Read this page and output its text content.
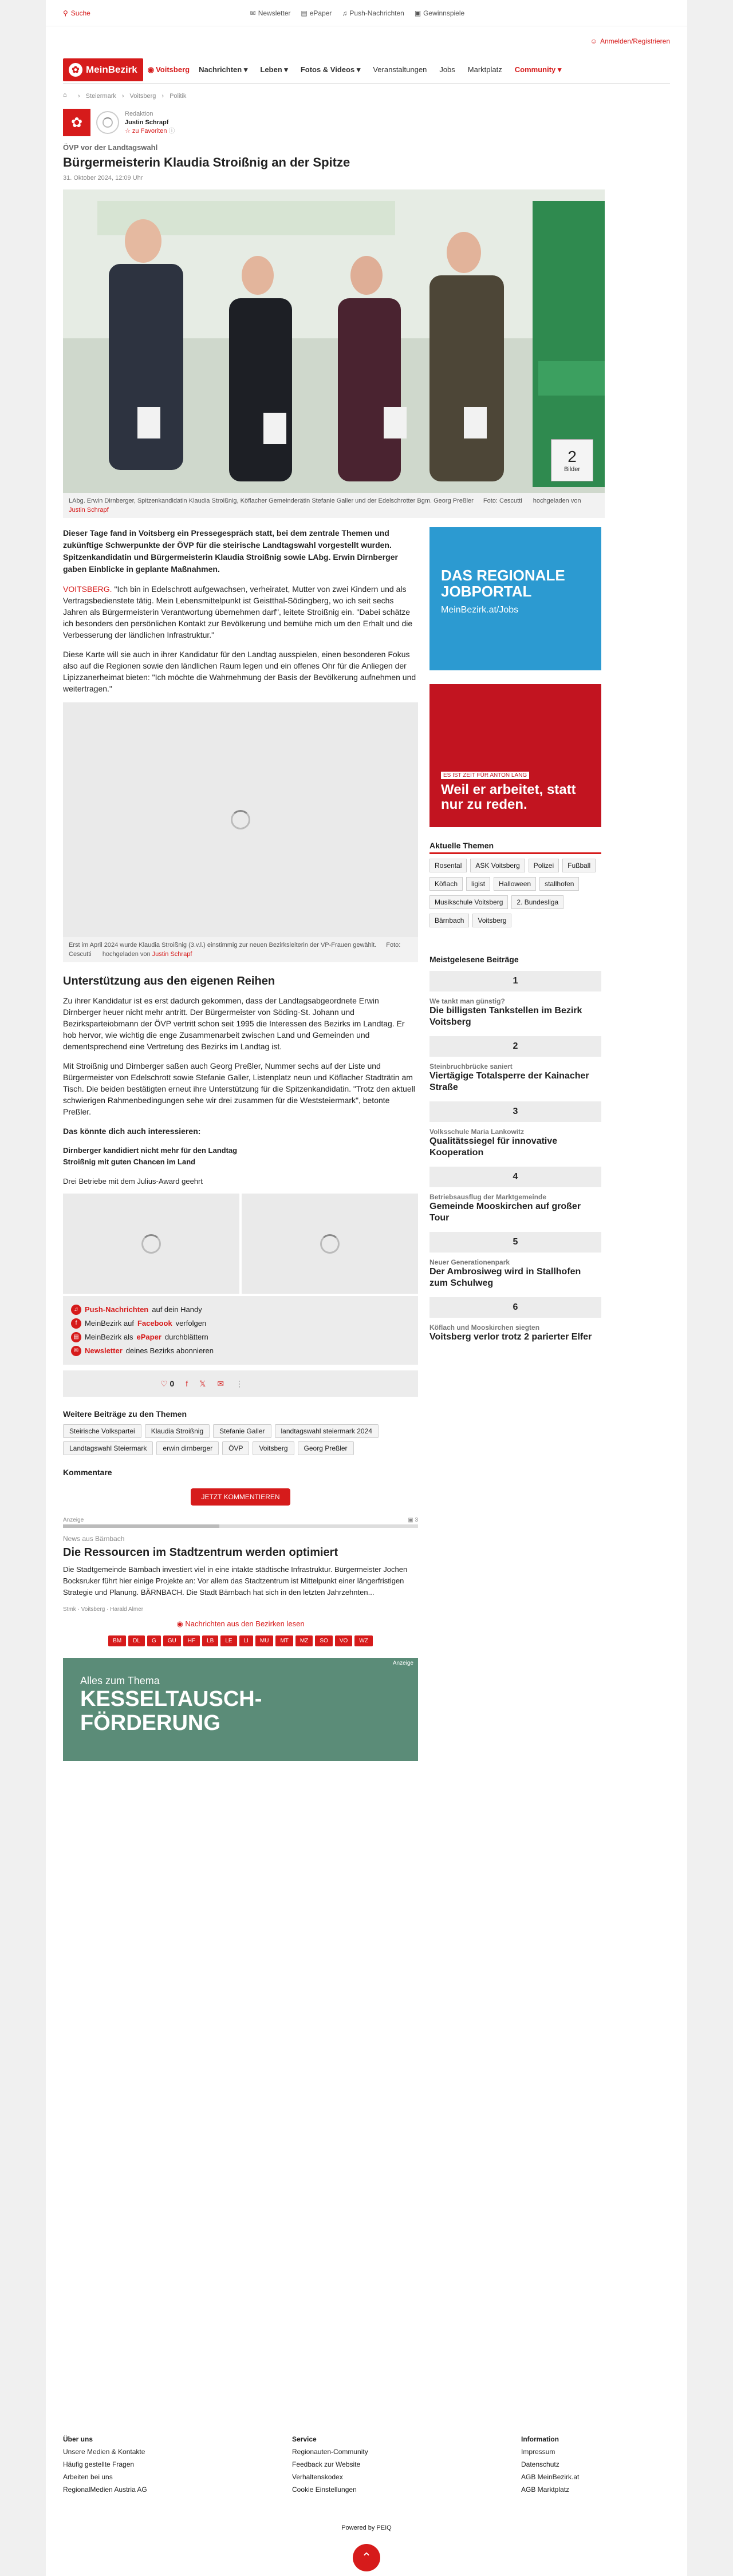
⚲ Suche	✉ Newsletter ▤ ePaper ♫ Push-Nachrichten ▣ Gewinnspiele
☺ Anmelden/Registrieren
✿ MeinBezirk ◉ Voitsberg Nachrichten ▾ Leben ▾ Fotos & Videos ▾ Veranstaltungen Jobs Marktplatz Community ▾
⌂	› Steiermark › Voitsberg › Politik
✿
Redaktion
Justin Schrapf
☆ zu Favoriten ⓘ
ÖVP vor der Landtagswahl
Bürgermeisterin Klaudia Stroißnig an der Spitze
31. Oktober 2024, 12:09 Uhr
2
Bilder
LAbg. Erwin Dirnberger, Spitzenkandidatin Klaudia Stroißnig, Köflacher Gemeinderätin Stefanie Galler und der Edelschrotter Bgm. Georg Preßler Foto: Cescutti hochgeladen von Justin Schrapf

Dieser Tage fand in Voitsberg ein Pressegespräch statt, bei dem zentrale Themen und zukünftige Schwerpunkte der ÖVP für die steirische Landtagswahl vorgestellt wurden. Spitzenkandidatin und Bürgermeisterin Klaudia Stroißnig sowie LAbg. Erwin Dirnberger gaben Einblicke in geplante Maßnahmen.

VOITSBERG. "Ich bin in Edelschrott aufgewachsen, verheiratet, Mutter von zwei Kindern und als Vertragsbedienstete tätig. Mein Lebensmittelpunkt ist Geistthal-Södingberg, wo ich seit sechs Jahren als Bürgermeisterin Verantwortung übernehmen darf", leitete Stroißnig ein. "Dabei schätze ich besonders den persönlichen Kontakt zur Bevölkerung und bemühe mich um den Erhalt und die Verbesserung der ländlichen Infrastruktur."

Diese Karte will sie auch in ihrer Kandidatur für den Landtag ausspielen, einen besonderen Fokus also auf die Regionen sowie den ländlichen Raum legen und ein offenes Ohr für die Anliegen der Lipizzanerheimat bieten: "Ich möchte die Wahrnehmung der Basis der Bevölkerung aufnehmen und weitertragen."

Erst im April 2024 wurde Klaudia Stroißnig (3.v.l.) einstimmig zur neuen Bezirksleiterin der VP-Frauen gewählt. Foto: Cescutti hochgeladen von Justin Schrapf
Unterstützung aus den eigenen Reihen

Zu ihrer Kandidatur ist es erst dadurch gekommen, dass der Landtagsabgeordnete Erwin Dirnberger heuer nicht mehr antritt. Der Bürgermeister von Söding-St. Johann und Bezirksparteiobmann der ÖVP vertritt schon seit 1995 die Interessen des Bezirks im Landtag. Er hob hervor, wie wichtig die enge Zusammenarbeit zwischen Land und Gemeinden und dementsprechend eine Vertretung des Bezirks im Landtag ist.

Mit Stroißnig und Dirnberger saßen auch Georg Preßler, Nummer sechs auf der Liste und Bürgermeister von Edelschrott sowie Stefanie Galler, Listenplatz neun und Köflacher Stadträtin am Tisch. Die beiden bestätigten erneut ihre Unterstützung für die Spitzenkandidatin. "Trotz den aktuell schwierigen Rahmenbedingungen sehe wir drei zusammen für die Weststeiermark", betonte Preßler.

Das könnte dich auch interessieren:

Dirnberger kandidiert nicht mehr für den Landtag
Stroißnig mit guten Chancen im Land
Drei Betriebe mit dem Julius-Award geehrt
♫ Push-Nachrichten auf dein Handy
f	MeinBezirk auf Facebook verfolgen
▤ MeinBezirk als ePaper durchblättern
✉ Newsletter deines Bezirks abonnieren
♡ 0 f 𝕏 ✉ ⋮
Weitere Beiträge zu den Themen
Steirische Volkspartei	Klaudia Stroißnig	Stefanie Galler	landtagswahl steiermark 2024
Landtagswahl Steiermark	erwin dirnberger	ÖVP	Voitsberg	Georg Preßler
Kommentare
JETZT KOMMENTIEREN
Anzeige	▣ 3
News aus Bärnbach
Die Ressourcen im Stadtzentrum werden optimiert

Die Stadtgemeinde Bärnbach investiert viel in eine intakte städtische Infrastruktur. Bürgermeister Jochen Bocksruker führt hier einige Projekte an: Vor allem das Stadtzentrum ist Mittelpunkt einer längerfristigen Strategie und Planung. BÄRNBACH. Die Stadt Bärnbach hat sich in den letzten Jahrzehnten...

Stmk · Voitsberg · Harald Almer
◉ Nachrichten aus den Bezirken lesen
BM	DL	G	GU	HF	LB	LE	LI	MU	MT	MZ	SO	VO	WZ
Anzeige
Alles zum Thema
KESSELTAUSCH-
FÖRDERUNG
DAS REGIONALE JOBPORTAL
MeinBezirk.at/Jobs
ES IST ZEIT FÜR ANTON LANG
Weil er arbeitet, statt nur zu reden.
Aktuelle Themen
Rosental ASK Voitsberg Polizei FußballKöflach ligist Halloween stallhofenMusikschule Voitsberg 2. BundesligaBärnbach Voitsberg
Meistgelesene Beiträge
1
We tankt man günstig?
Die billigsten Tankstellen im Bezirk Voitsberg
2
Steinbruchbrücke saniert
Viertägige Totalsperre der Kainacher Straße
3
Volksschule Maria Lankowitz
Qualitätssiegel für innovative Kooperation
4
Betriebsausflug der Marktgemeinde
Gemeinde Mooskirchen auf großer Tour
5
Neuer Generationenpark
Der Ambrosiweg wird in Stallhofen zum Schulweg
6
Köflach und Mooskirchen siegten
Voitsberg verlor trotz 2 parierter Elfer
Über uns
Unsere Medien & Kontakte
Häufig gestellte Fragen
Arbeiten bei uns
RegionalMedien Austria AG
Service
Regionauten-Community
Feedback zur Website
Verhaltenskodex
Cookie Einstellungen
Information
Impressum
Datenschutz
AGB MeinBezirk.at
AGB Marktplatz
Powered by PEIQ
⌃
